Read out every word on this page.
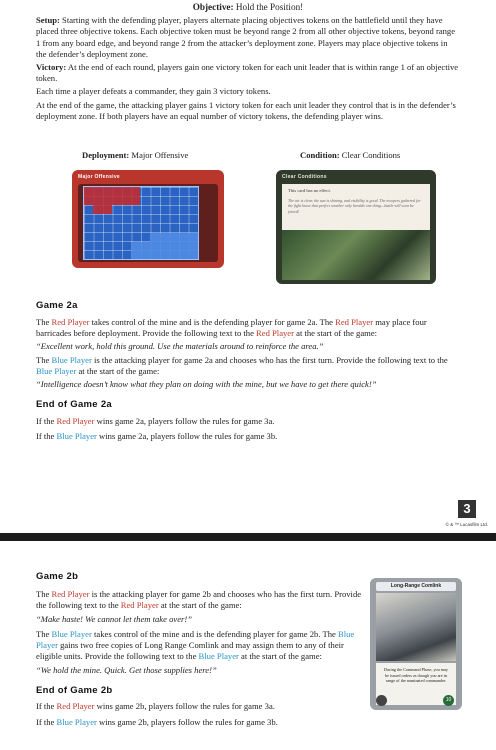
Objective: Hold the Position!

Setup: Starting with the defending player, players alternate placing objectives tokens on the battlefield until they have placed three objective tokens. Each objective token must be beyond range 2 from all other objective tokens, beyond range 1 from any board edge, and beyond range 2 from the attacker’s deployment zone. Players may place objective tokens in the defender’s deployment zone.

Victory: At the end of each round, players gain one victory token for each unit leader that is within range 1 of an objective token.

Each time a player defeats a commander, they gain 3 victory tokens.

At the end of the game, the attacking player gains 1 victory token for each unit leader they control that is in the defender’s deployment zone. If both players have an equal number of victory tokens, the defending player wins.

Deployment: Major Offensive	Condition: Clear Conditions

Major Offensive	Clear Conditions
This card has no effect.
The air is clear, the sun is shining, and visibility is good. The troopers gathered for the fight know that perfect weather only heralds one thing—battle will soon be joined!

Game 2a

The Red Player takes control of the mine and is the defending player for game 2a. The Red Player may place four barricades before deployment. Provide the following text to the Red Player at the start of the game:

“Excellent work, hold this ground. Use the materials around to reinforce the area.”

The Blue Player is the attacking player for game 2a and chooses who has the first turn. Provide the following text to the Blue Player at the start of the game:

“Intelligence doesn’t know what they plan on doing with the mine, but we have to get there quick!”

End of Game 2a

If the Red Player wins game 2a, players follow the rules for game 3a.

If the Blue Player wins game 2a, players follow the rules for game 3b.

3
© & ™ Lucasfilm Ltd.

Game 2b

The Red Player is the attacking player for game 2b and chooses who has the first turn. Provide the following text to the Red Player at the start of the game:

“Make haste! We cannot let them take over!”

The Blue Player takes control of the mine and is the defending player for game 2b. The Blue Player gains two free copies of Long Range Comlink and may assign them to any of their eligible units. Provide the following text to the Blue Player at the start of the game:

“We hold the mine. Quick. Get those supplies here!”

End of Game 2b

If the Red Player wins game 2b, players follow the rules for game 3a.

If the Blue Player wins game 2b, players follow the rules for game 3b.

Long-Range Comlink
During the Command Phase, you may be issued orders as though you are in range of the nominated commander.
10
